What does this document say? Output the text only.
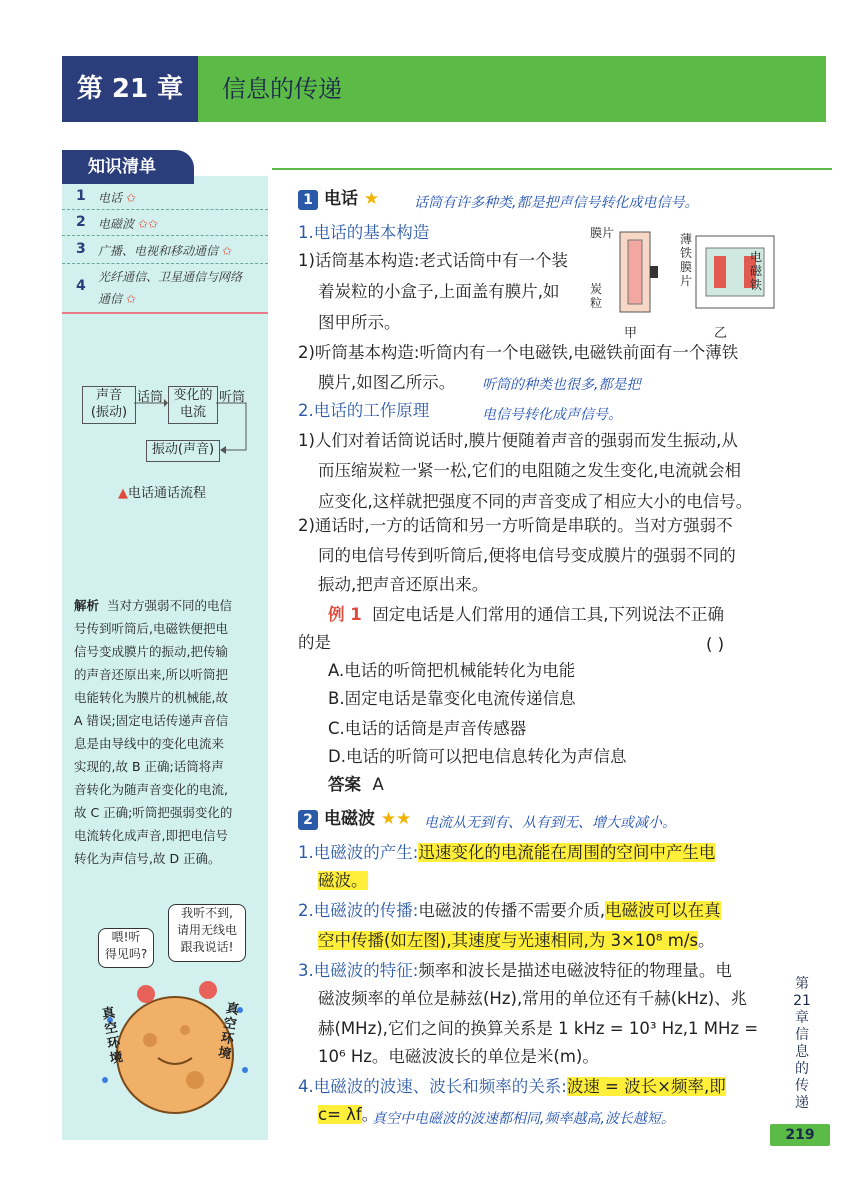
第 21 章	信息的传递
知识清单
1 电话 ✩
2 电磁波 ✩✩
3 广播、电视和移动通信 ✩
4
光纤通信、卫星通信与网络
通信 ✩
声音
(振动)
话筒 变化的
电流
听筒
振动(声音)
▲电话通话流程
解析 当对方强弱不同的电信
号传到听筒后,电磁铁便把电
信号变成膜片的振动,把传输
的声音还原出来,所以听筒把
电能转化为膜片的机械能,故
A 错误;固定电话传递声音信
息是由导线中的变化电流来
实现的,故 B 正确;话筒将声
音转化为随声音变化的电流,
故 C 正确;听筒把强弱变化的
电流转化成声音,即把电信号
转化为声信号,故 D 正确。
喂!听
得见吗?
我听不到,
请用无线电
跟我说话!
真空环境
真空环境
1 电话 ★ 话筒有许多种类,都是把声信号转化成电信号。
1.电话的基本构造
1)话筒基本构造:老式话筒中有一个装
着炭粒的小盒子,上面盖有膜片,如
图甲所示。
2)听筒基本构造:听筒内有一个电磁铁,电磁铁前面有一个薄铁
膜片,如图乙所示。 听筒的种类也很多,都是把
2.电话的工作原理	电信号转化成声信号。
膜片
炭粒
薄铁膜片
电磁铁
甲	乙
1)人们对着话筒说话时,膜片便随着声音的强弱而发生振动,从
而压缩炭粒一紧一松,它们的电阻随之发生变化,电流就会相
应变化,这样就把强度不同的声音变成了相应大小的电信号。
2)通话时,一方的话筒和另一方听筒是串联的。当对方强弱不
同的电信号传到听筒后,便将电信号变成膜片的强弱不同的
振动,把声音还原出来。
例 1 固定电话是人们常用的通信工具,下列说法不正确
的是	( )
A.电话的听筒把机械能转化为电能
B.固定电话是靠变化电流传递信息
C.电话的话筒是声音传感器
D.电话的听筒可以把电信息转化为声信息
答案 A
2 电磁波 ★★ 电流从无到有、从有到无、增大或减小。
1.电磁波的产生:迅速变化的电流能在周围的空间中产生电
磁波。
2.电磁波的传播:电磁波的传播不需要介质,电磁波可以在真
空中传播(如左图),其速度与光速相同,为 3×10⁸ m/s。
3.电磁波的特征:频率和波长是描述电磁波特征的物理量。电
磁波频率的单位是赫兹(Hz),常用的单位还有千赫(kHz)、兆
赫(MHz),它们之间的换算关系是 1 kHz = 10³ Hz,1 MHz =
10⁶ Hz。电磁波波长的单位是米(m)。
4.电磁波的波速、波长和频率的关系:波速 = 波长×频率,即
c= λf。
真空中电磁波的波速都相同,频率越高,波长越短。
第21章 信息的传递
219
